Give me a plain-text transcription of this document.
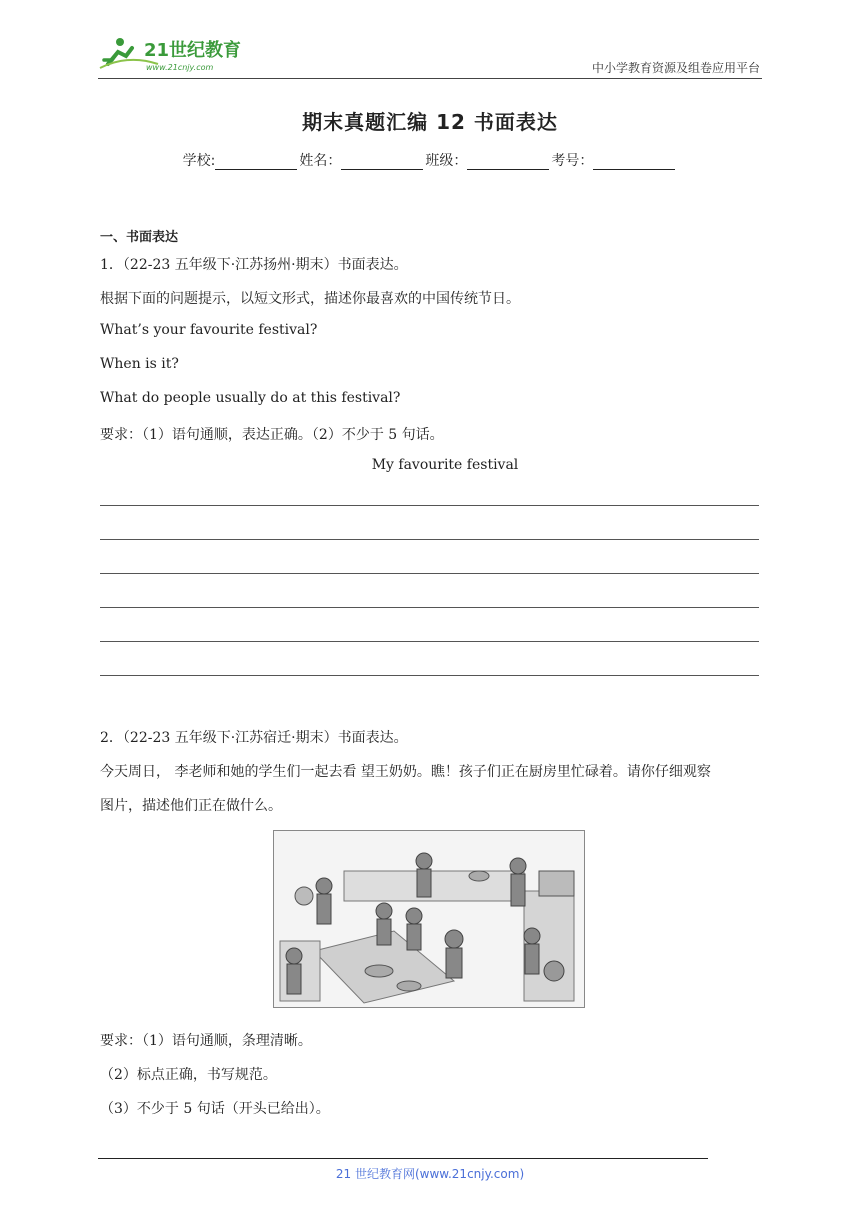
21世纪教育
www.21cnjy.com	中小学教育资源及组卷应用平台
期末真题汇编 12 书面表达
学校:	姓名：	班级：	考号：
一、书面表达
1．（22-23 五年级下·江苏扬州·期末）书面表达。
根据下面的问题提示，以短文形式，描述你最喜欢的中国传统节日。
What’s your favourite festival?
When is it?
What do people usually do at this festival?
要求：（1）语句通顺，表达正确。（2）不少于 5 句话。
My favourite festival
2．（22-23 五年级下·江苏宿迁·期末）书面表达。
今天周日， 李老师和她的学生们一起去看 望王奶奶。瞧！孩子们正在厨房里忙碌着。请你仔细观察
图片，描述他们正在做什么。
要求：（1）语句通顺，条理清晰。
（2）标点正确，书写规范。
（3）不少于 5 句话（开头已给出）。
21 世纪教育网(www.21cnjy.com)
